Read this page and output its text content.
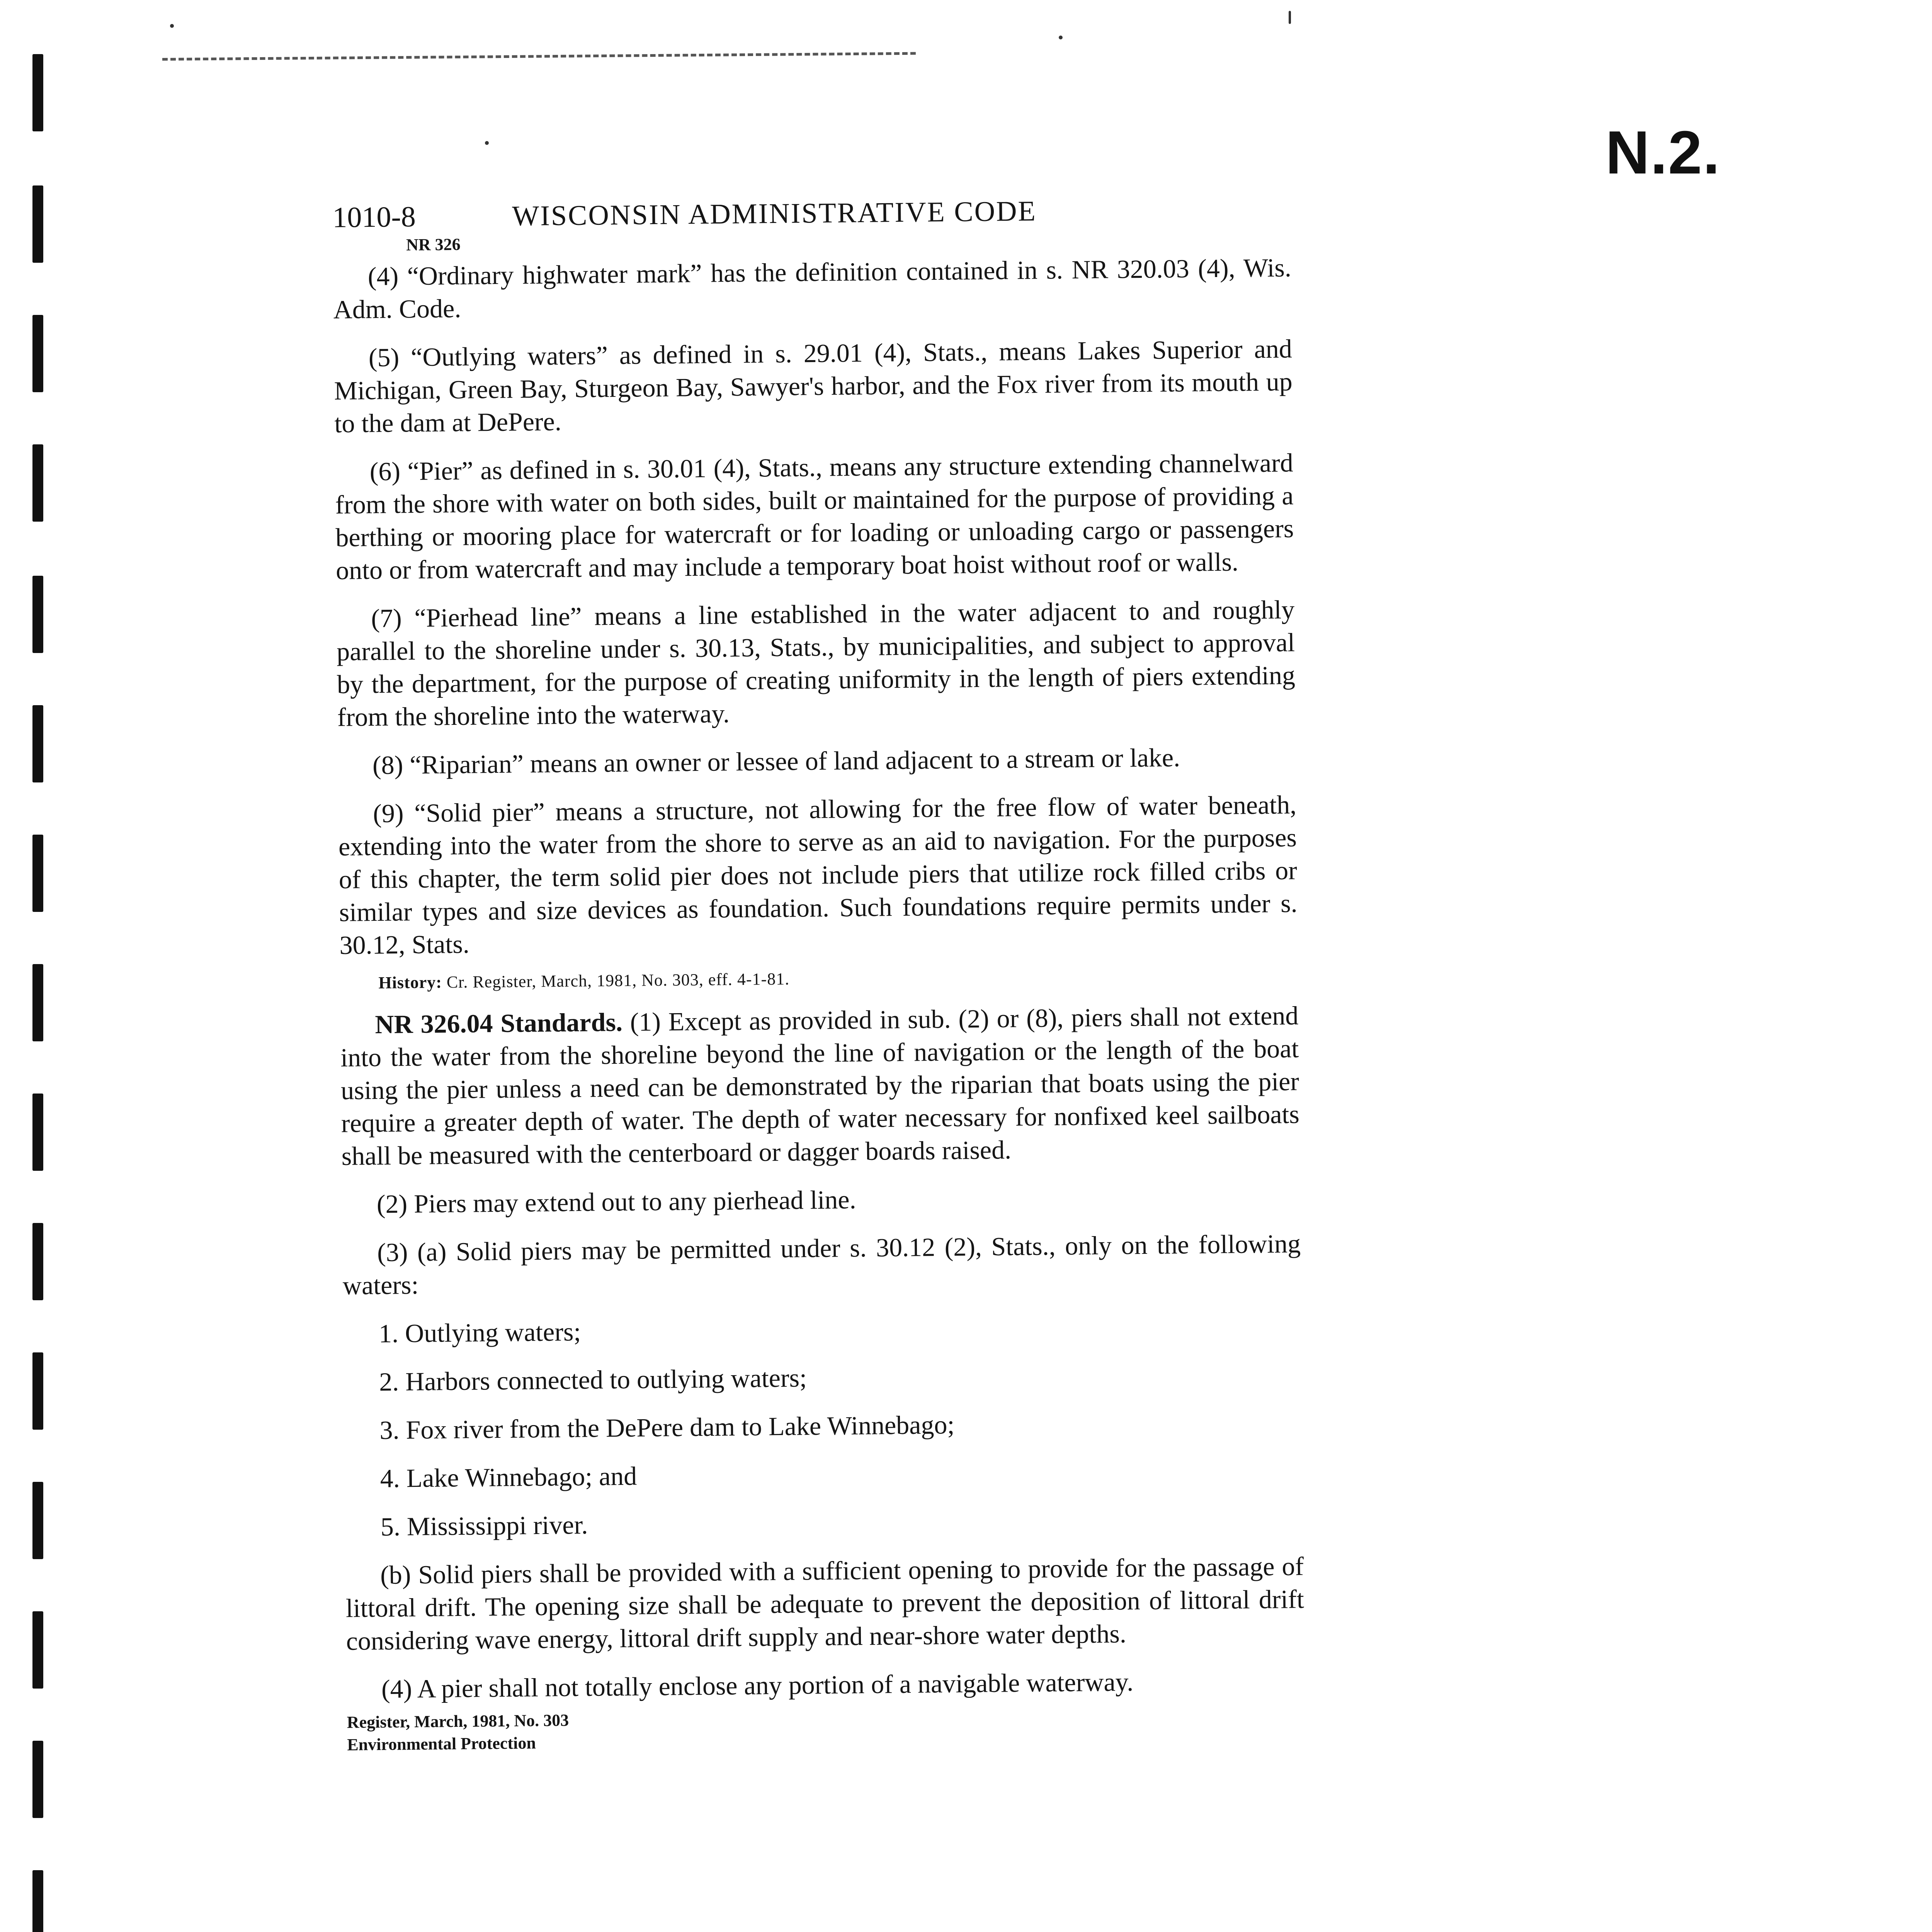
N.2.
1010-8	WISCONSIN ADMINISTRATIVE CODE
NR 326

(4) “Ordinary highwater mark” has the definition contained in s. NR 320.03 (4), Wis. Adm. Code.

(5) “Outlying waters” as defined in s. 29.01 (4), Stats., means Lakes Superior and Michigan, Green Bay, Sturgeon Bay, Sawyer's harbor, and the Fox river from its mouth up to the dam at DePere.

(6) “Pier” as defined in s. 30.01 (4), Stats., means any structure extending channelward from the shore with water on both sides, built or maintained for the purpose of providing a berthing or mooring place for watercraft or for loading or unloading cargo or passengers onto or from watercraft and may include a temporary boat hoist without roof or walls.

(7) “Pierhead line” means a line established in the water adjacent to and roughly parallel to the shoreline under s. 30.13, Stats., by municipalities, and subject to approval by the department, for the purpose of creating uniformity in the length of piers extending from the shoreline into the waterway.

(8) “Riparian” means an owner or lessee of land adjacent to a stream or lake.

(9) “Solid pier” means a structure, not allowing for the free flow of water beneath, extending into the water from the shore to serve as an aid to navigation. For the purposes of this chapter, the term solid pier does not include piers that utilize rock filled cribs or similar types and size devices as foundation. Such foundations require permits under s. 30.12, Stats.

History: Cr. Register, March, 1981, No. 303, eff. 4-1-81.

NR 326.04 Standards. (1) Except as provided in sub. (2) or (8), piers shall not extend into the water from the shoreline beyond the line of navigation or the length of the boat using the pier unless a need can be demonstrated by the riparian that boats using the pier require a greater depth of water. The depth of water necessary for nonfixed keel sailboats shall be measured with the centerboard or dagger boards raised.

(2) Piers may extend out to any pierhead line.

(3) (a) Solid piers may be permitted under s. 30.12 (2), Stats., only on the following waters:

1. Outlying waters;

2. Harbors connected to outlying waters;

3. Fox river from the DePere dam to Lake Winnebago;

4. Lake Winnebago; and

5. Mississippi river.

(b) Solid piers shall be provided with a sufficient opening to provide for the passage of littoral drift. The opening size shall be adequate to prevent the deposition of littoral drift considering wave energy, littoral drift supply and near-shore water depths.

(4) A pier shall not totally enclose any portion of a navigable waterway.

Register, March, 1981, No. 303

Environmental Protection
